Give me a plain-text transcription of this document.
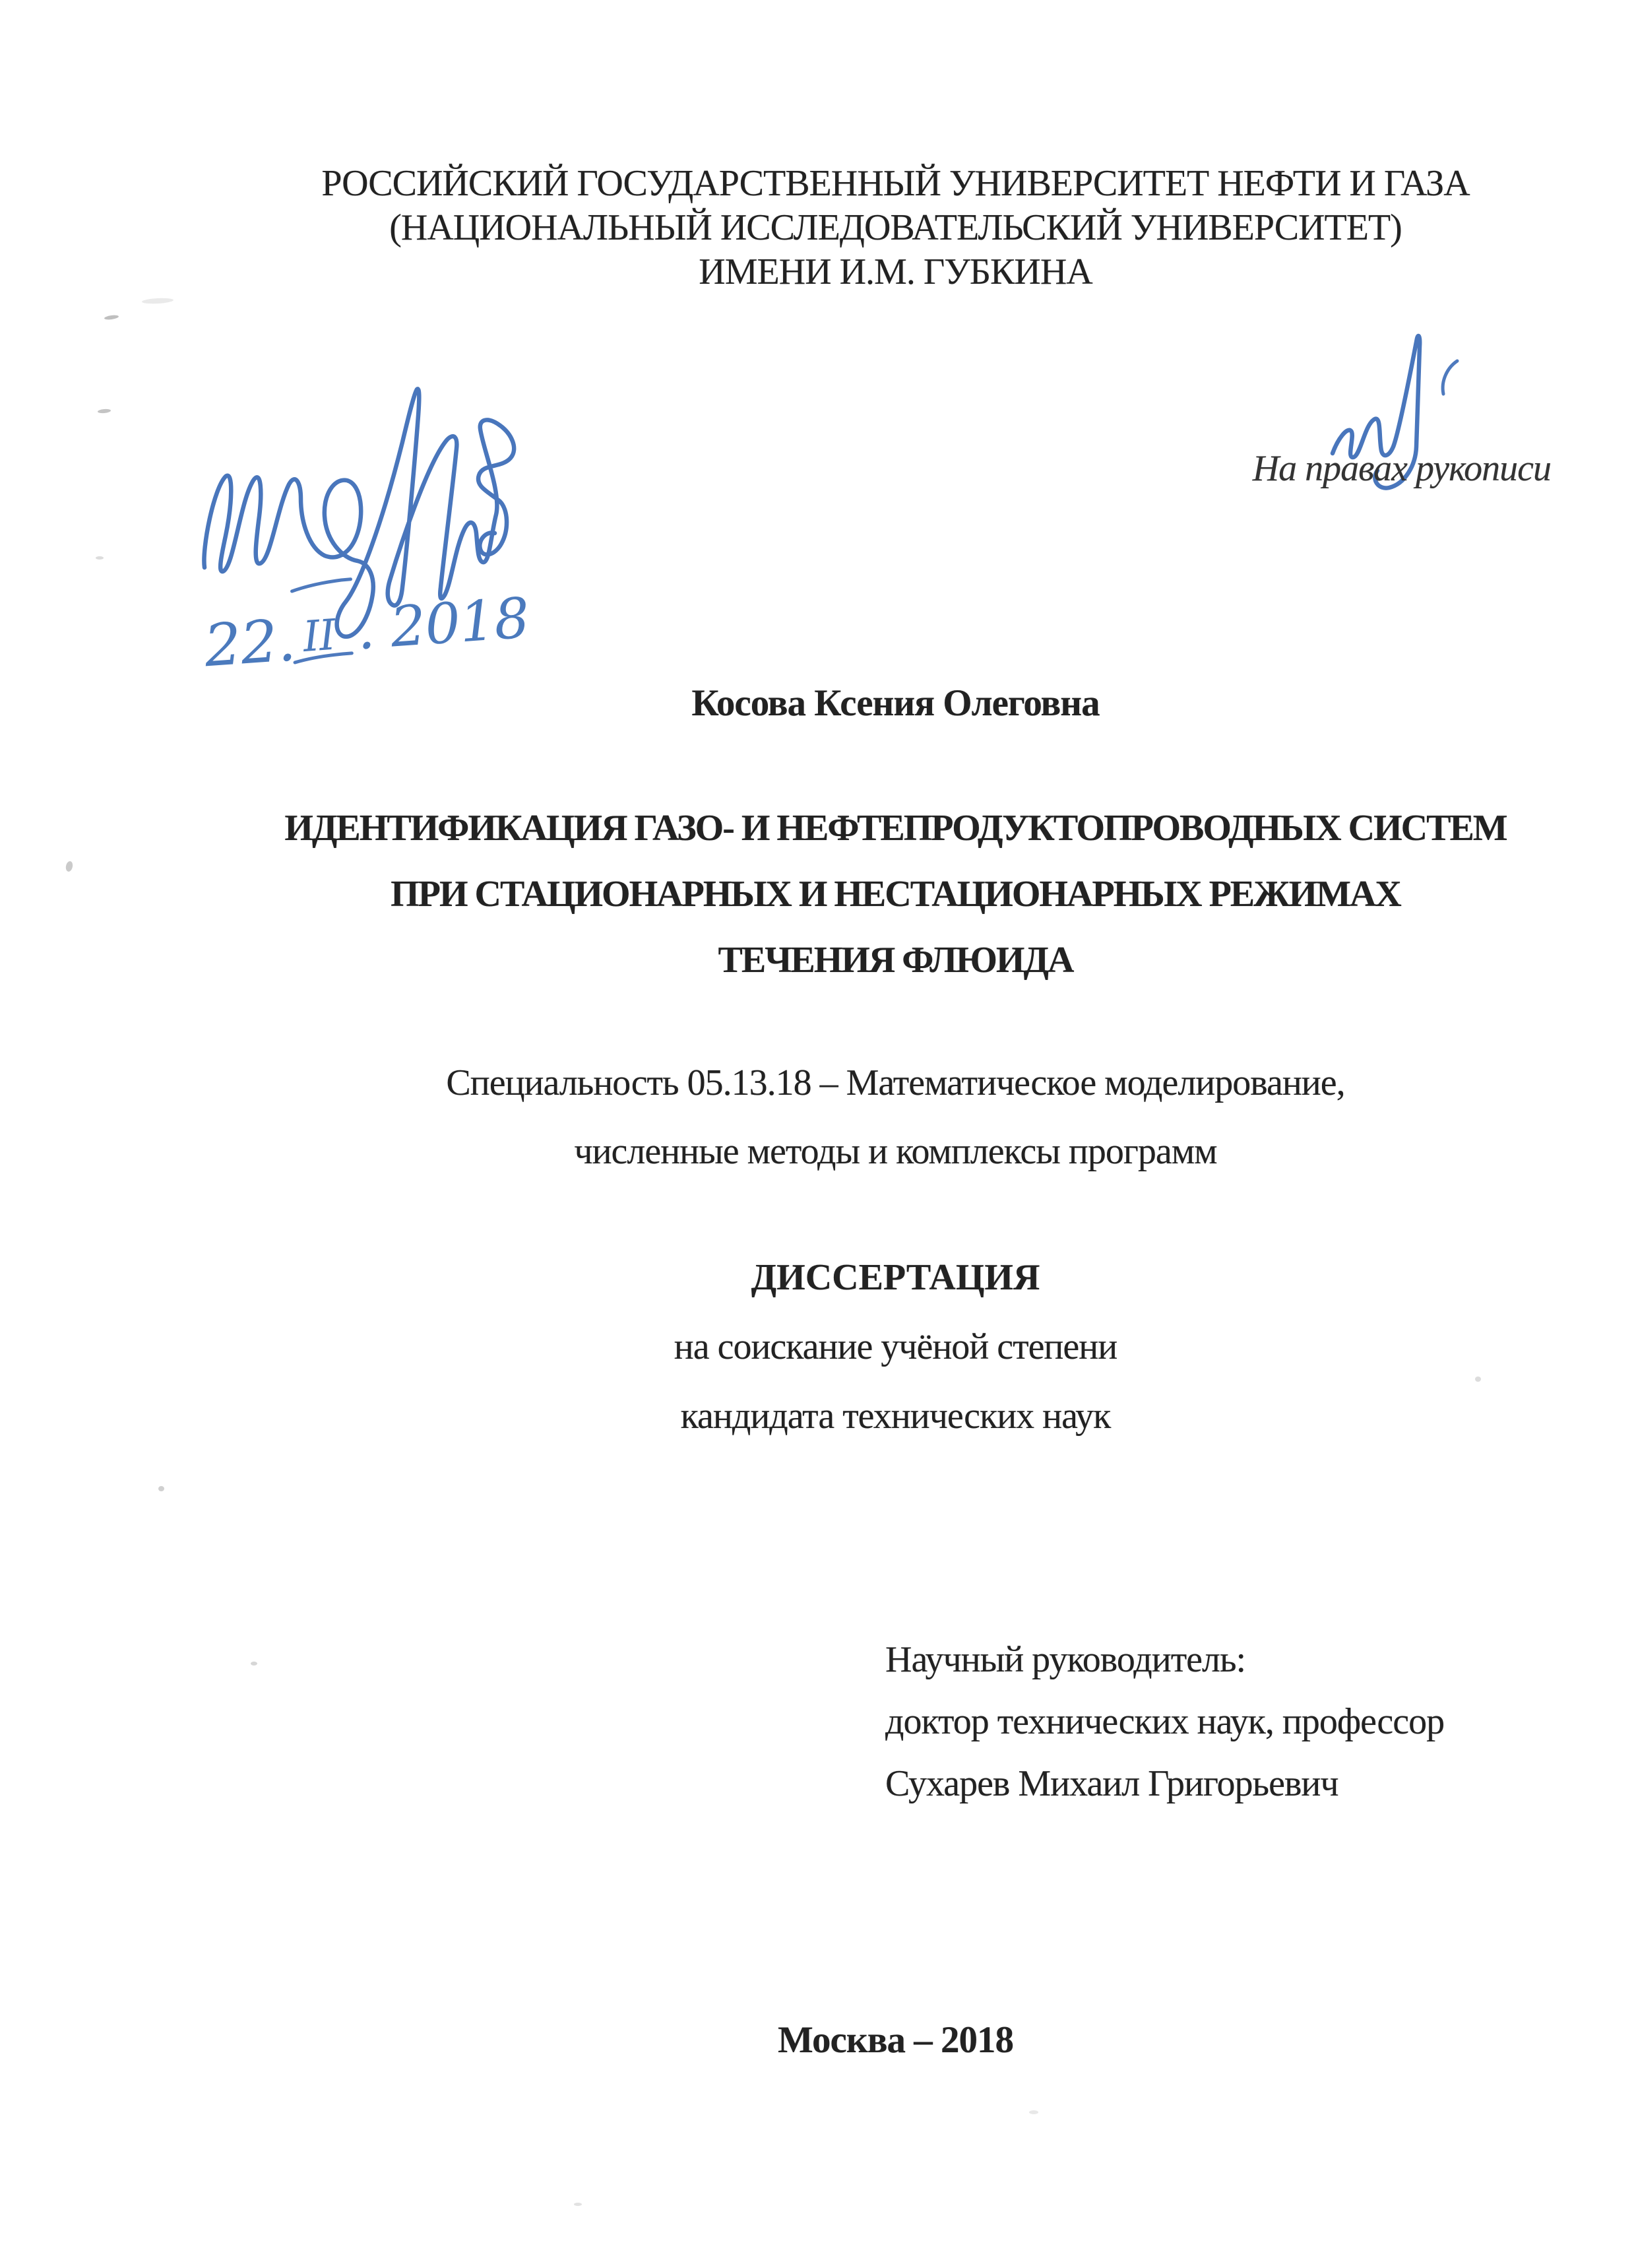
РОССИЙСКИЙ ГОСУДАРСТВЕННЫЙ УНИВЕРСИТЕТ НЕФТИ И ГАЗА
(НАЦИОНАЛЬНЫЙ ИССЛЕДОВАТЕЛЬСКИЙ УНИВЕРСИТЕТ)
ИМЕНИ И.М. ГУБКИНА
На правах рукописи
22. II . 2018
Косова Ксения Олеговна
ИДЕНТИФИКАЦИЯ ГАЗО- И НЕФТЕПРОДУКТОПРОВОДНЫХ СИСТЕМ
ПРИ СТАЦИОНАРНЫХ И НЕСТАЦИОНАРНЫХ РЕЖИМАХ
ТЕЧЕНИЯ ФЛЮИДА
Специальность 05.13.18 – Математическое моделирование,
численные методы и комплексы программ
ДИССЕРТАЦИЯ
на соискание учёной степени
кандидата технических наук
Научный руководитель:
доктор технических наук, профессор
Сухарев Михаил Григорьевич
Москва – 2018
